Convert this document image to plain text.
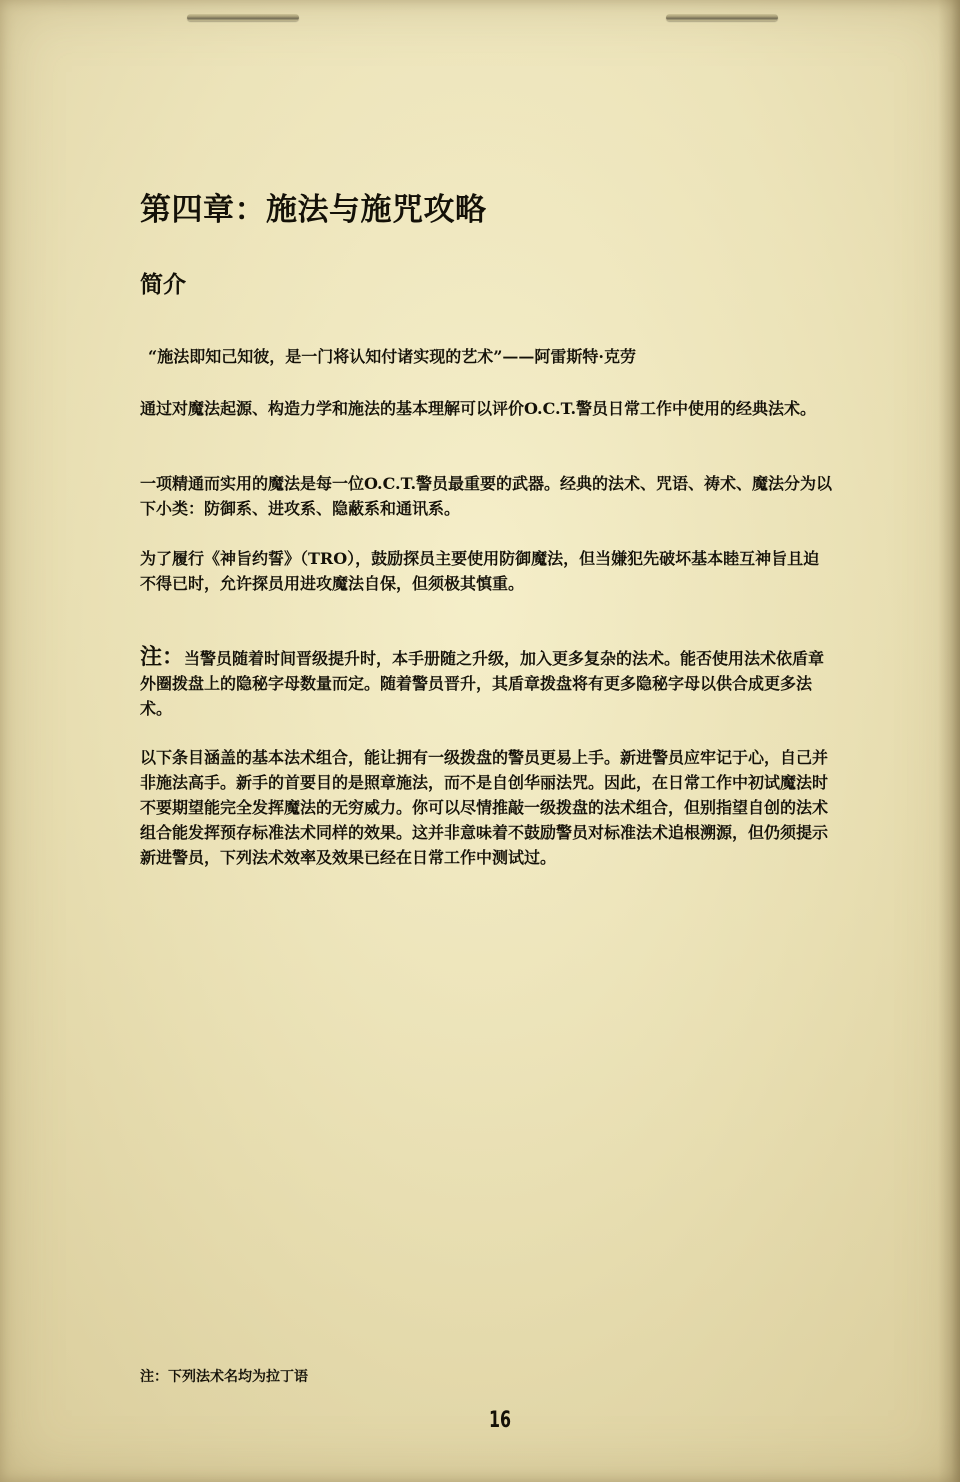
第四章：施法与施咒攻略
简介

“施法即知己知彼，是一门将认知付诸实现的艺术”——阿雷斯特·克劳

通过对魔法起源、构造力学和施法的基本理解可以评价O.C.T.警员日常工作中使用的经典法术。

一项精通而实用的魔法是每一位O.C.T.警员最重要的武器。经典的法术、咒语、祷术、魔法分为以下小类：防御系、进攻系、隐蔽系和通讯系。

为了履行《神旨约誓》（TRO），鼓励探员主要使用防御魔法，但当嫌犯先破坏基本睦互神旨且迫不得已时，允许探员用进攻魔法自保，但须极其慎重。

注：当警员随着时间晋级提升时，本手册随之升级，加入更多复杂的法术。能否使用法术依盾章外圈拨盘上的隐秘字母数量而定。随着警员晋升，其盾章拨盘将有更多隐秘字母以供合成更多法术。

以下条目涵盖的基本法术组合，能让拥有一级拨盘的警员更易上手。新进警员应牢记于心，自己并非施法高手。新手的首要目的是照章施法，而不是自创华丽法咒。因此，在日常工作中初试魔法时不要期望能完全发挥魔法的无穷威力。你可以尽情推敲一级拨盘的法术组合，但别指望自创的法术组合能发挥预存标准法术同样的效果。这并非意味着不鼓励警员对标准法术追根溯源，但仍须提示新进警员，下列法术效率及效果已经在日常工作中测试过。

注：下列法术名均为拉丁语
16
